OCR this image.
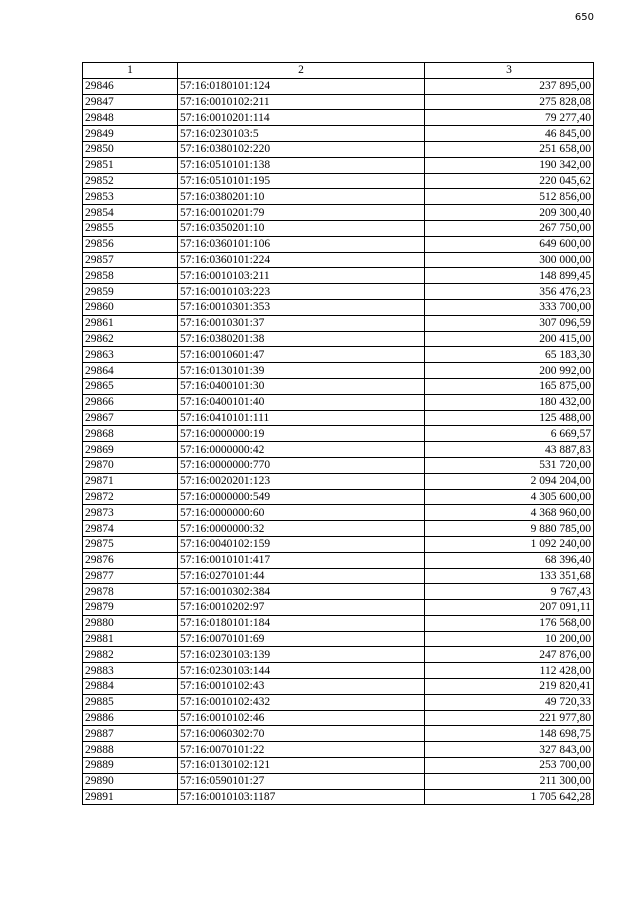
650
1	2	3
29846	57:16:0180101:124	237 895,00
29847	57:16:0010102:211	275 828,08
29848	57:16:0010201:114	79 277,40
29849	57:16:0230103:5	46 845,00
29850	57:16:0380102:220	251 658,00
29851	57:16:0510101:138	190 342,00
29852	57:16:0510101:195	220 045,62
29853	57:16:0380201:10	512 856,00
29854	57:16:0010201:79	209 300,40
29855	57:16:0350201:10	267 750,00
29856	57:16:0360101:106	649 600,00
29857	57:16:0360101:224	300 000,00
29858	57:16:0010103:211	148 899,45
29859	57:16:0010103:223	356 476,23
29860	57:16:0010301:353	333 700,00
29861	57:16:0010301:37	307 096,59
29862	57:16:0380201:38	200 415,00
29863	57:16:0010601:47	65 183,30
29864	57:16:0130101:39	200 992,00
29865	57:16:0400101:30	165 875,00
29866	57:16:0400101:40	180 432,00
29867	57:16:0410101:111	125 488,00
29868	57:16:0000000:19	6 669,57
29869	57:16:0000000:42	43 887,83
29870	57:16:0000000:770	531 720,00
29871	57:16:0020201:123	2 094 204,00
29872	57:16:0000000:549	4 305 600,00
29873	57:16:0000000:60	4 368 960,00
29874	57:16:0000000:32	9 880 785,00
29875	57:16:0040102:159	1 092 240,00
29876	57:16:0010101:417	68 396,40
29877	57:16:0270101:44	133 351,68
29878	57:16:0010302:384	9 767,43
29879	57:16:0010202:97	207 091,11
29880	57:16:0180101:184	176 568,00
29881	57:16:0070101:69	10 200,00
29882	57:16:0230103:139	247 876,00
29883	57:16:0230103:144	112 428,00
29884	57:16:0010102:43	219 820,41
29885	57:16:0010102:432	49 720,33
29886	57:16:0010102:46	221 977,80
29887	57:16:0060302:70	148 698,75
29888	57:16:0070101:22	327 843,00
29889	57:16:0130102:121	253 700,00
29890	57:16:0590101:27	211 300,00
29891	57:16:0010103:1187	1 705 642,28
